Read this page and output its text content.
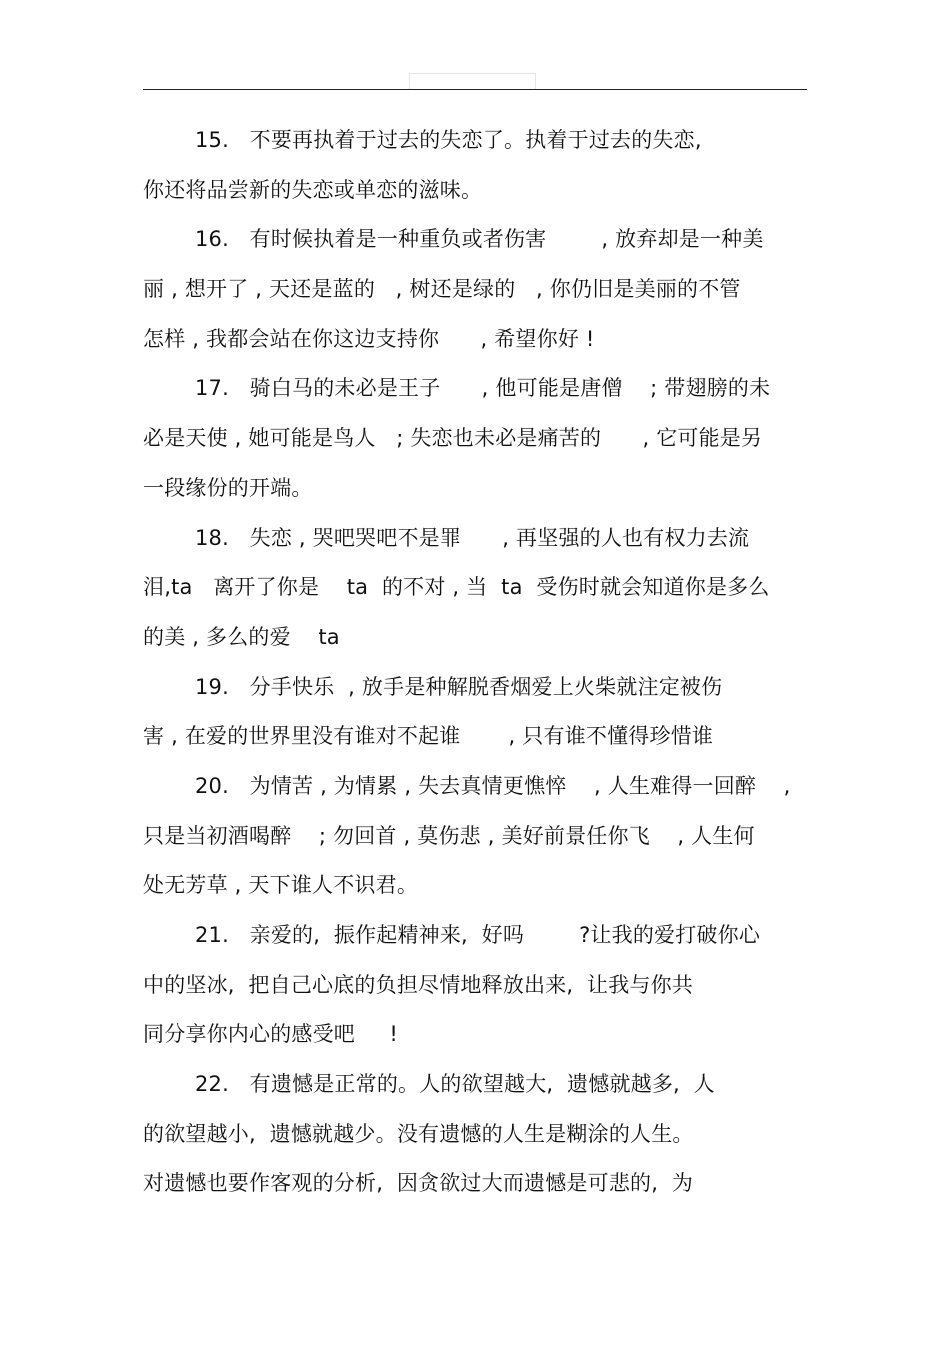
15.   不要再执着于过去的失恋了。执着于过去的失恋,
你还将品尝新的失恋或单恋的滋味。
16.   有时候执着是一种重负或者伤害        , 放弃却是一种美
丽 , 想开了 , 天还是蓝的   , 树还是绿的   , 你仍旧是美丽的不管
怎样 , 我都会站在你这边支持你      , 希望你好 !
17.   骑白马的未必是王子      , 他可能是唐僧    ; 带翅膀的未
必是天使 , 她可能是鸟人   ; 失恋也未必是痛苦的      , 它可能是另
一段缘份的开端。
18.   失恋 , 哭吧哭吧不是罪      , 再坚强的人也有权力去流
泪,ta   离开了你是    ta  的不对 , 当  ta  受伤时就会知道你是多么
的美 , 多么的爱    ta
19.   分手快乐  , 放手是种解脱香烟爱上火柴就注定被伤
害 , 在爱的世界里没有谁对不起谁       , 只有谁不懂得珍惜谁
20.   为情苦 , 为情累 , 失去真情更憔悴    , 人生难得一回醉    ,
只是当初酒喝醉    ; 勿回首 , 莫伤悲 , 美好前景任你飞    , 人生何
处无芳草 , 天下谁人不识君。
21.   亲爱的,  振作起精神来,  好吗        ?让我的爱打破你心
中的坚冰,  把自己心底的负担尽情地释放出来,  让我与你共
同分享你内心的感受吧     !
22.   有遗憾是正常的。人的欲望越大,  遗憾就越多,  人
的欲望越小,  遗憾就越少。没有遗憾的人生是糊涂的人生。
对遗憾也要作客观的分析,  因贪欲过大而遗憾是可悲的,  为
